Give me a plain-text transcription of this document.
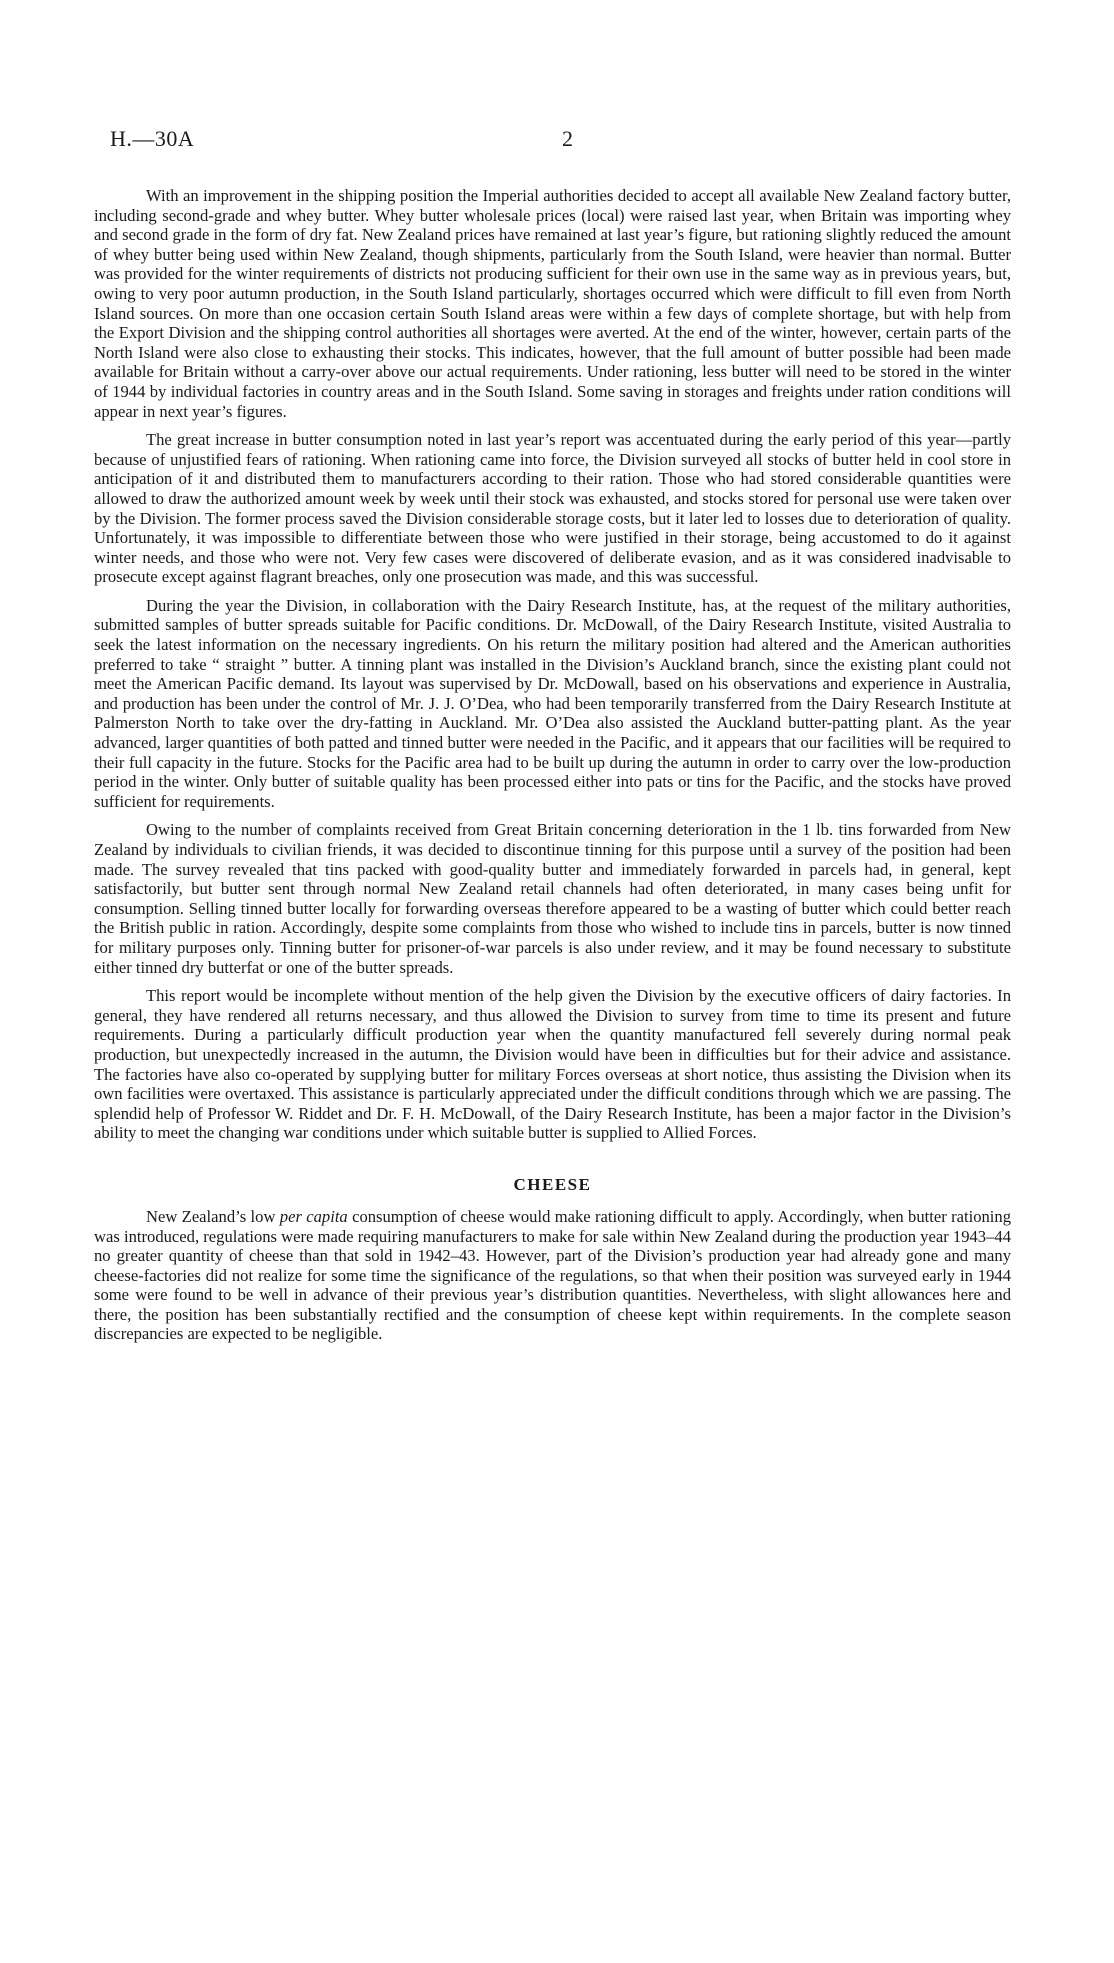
H.—30A	2

With an improvement in the shipping position the Imperial authorities decided to accept all available New Zealand factory butter, including second-grade and whey butter. Whey butter wholesale prices (local) were raised last year, when Britain was importing whey and second grade in the form of dry fat. New Zealand prices have remained at last year’s figure, but rationing slightly reduced the amount of whey butter being used within New Zealand, though shipments, particularly from the South Island, were heavier than normal. Butter was provided for the winter requirements of districts not producing sufficient for their own use in the same way as in previous years, but, owing to very poor autumn production, in the South Island particularly, shortages occurred which were difficult to fill even from North Island sources. On more than one occasion certain South Island areas were within a few days of complete shortage, but with help from the Export Division and the shipping control authorities all shortages were averted. At the end of the winter, however, certain parts of the North Island were also close to exhausting their stocks. This indicates, however, that the full amount of butter possible had been made available for Britain without a carry-over above our actual requirements. Under rationing, less butter will need to be stored in the winter of 1944 by individual factories in country areas and in the South Island. Some saving in storages and freights under ration conditions will appear in next year’s figures.

The great increase in butter consumption noted in last year’s report was accentuated during the early period of this year—partly because of unjustified fears of rationing. When rationing came into force, the Division surveyed all stocks of butter held in cool store in anticipation of it and distributed them to manufacturers according to their ration. Those who had stored considerable quantities were allowed to draw the authorized amount week by week until their stock was exhausted, and stocks stored for personal use were taken over by the Division. The former process saved the Division considerable storage costs, but it later led to losses due to deterioration of quality. Unfortunately, it was impossible to differentiate between those who were justified in their storage, being accustomed to do it against winter needs, and those who were not. Very few cases were discovered of deliberate evasion, and as it was considered inadvisable to prosecute except against flagrant breaches, only one prosecution was made, and this was successful.

During the year the Division, in collaboration with the Dairy Research Institute, has, at the request of the military authorities, submitted samples of butter spreads suitable for Pacific conditions. Dr. McDowall, of the Dairy Research Institute, visited Australia to seek the latest information on the necessary ingredients. On his return the military position had altered and the American authorities preferred to take “ straight ” butter. A tinning plant was installed in the Division’s Auckland branch, since the existing plant could not meet the American Pacific demand. Its layout was supervised by Dr. McDowall, based on his observations and experience in Australia, and production has been under the control of Mr. J. J. O’Dea, who had been temporarily transferred from the Dairy Research Institute at Palmerston North to take over the dry-fatting in Auckland. Mr. O’Dea also assisted the Auckland butter-patting plant. As the year advanced, larger quantities of both patted and tinned butter were needed in the Pacific, and it appears that our facilities will be required to their full capacity in the future. Stocks for the Pacific area had to be built up during the autumn in order to carry over the low-production period in the winter. Only butter of suitable quality has been processed either into pats or tins for the Pacific, and the stocks have proved sufficient for requirements.

Owing to the number of complaints received from Great Britain concerning deterioration in the 1 lb. tins forwarded from New Zealand by individuals to civilian friends, it was decided to discontinue tinning for this purpose until a survey of the position had been made. The survey revealed that tins packed with good-quality butter and immediately forwarded in parcels had, in general, kept satisfactorily, but butter sent through normal New Zealand retail channels had often deteriorated, in many cases being unfit for consumption. Selling tinned butter locally for forwarding overseas therefore appeared to be a wasting of butter which could better reach the British public in ration. Accordingly, despite some complaints from those who wished to include tins in parcels, butter is now tinned for military purposes only. Tinning butter for prisoner-of-war parcels is also under review, and it may be found necessary to substitute either tinned dry butterfat or one of the butter spreads.

This report would be incomplete without mention of the help given the Division by the executive officers of dairy factories. In general, they have rendered all returns necessary, and thus allowed the Division to survey from time to time its present and future requirements. During a particularly difficult production year when the quantity manufactured fell severely during normal peak production, but unexpectedly increased in the autumn, the Division would have been in difficulties but for their advice and assistance. The factories have also co-operated by supplying butter for military Forces overseas at short notice, thus assisting the Division when its own facilities were overtaxed. This assistance is particularly appreciated under the difficult conditions through which we are passing. The splendid help of Professor W. Riddet and Dr. F. H. McDowall, of the Dairy Research Institute, has been a major factor in the Division’s ability to meet the changing war conditions under which suitable butter is supplied to Allied Forces.

CHEESE

New Zealand’s low per capita consumption of cheese would make rationing difficult to apply. Accordingly, when butter rationing was introduced, regulations were made requiring manufacturers to make for sale within New Zealand during the production year 1943–44 no greater quantity of cheese than that sold in 1942–43. However, part of the Division’s production year had already gone and many cheese-factories did not realize for some time the significance of the regulations, so that when their position was surveyed early in 1944 some were found to be well in advance of their previous year’s distribution quantities. Nevertheless, with slight allowances here and there, the position has been substantially rectified and the consumption of cheese kept within requirements. In the complete season discrepancies are expected to be negligible.
